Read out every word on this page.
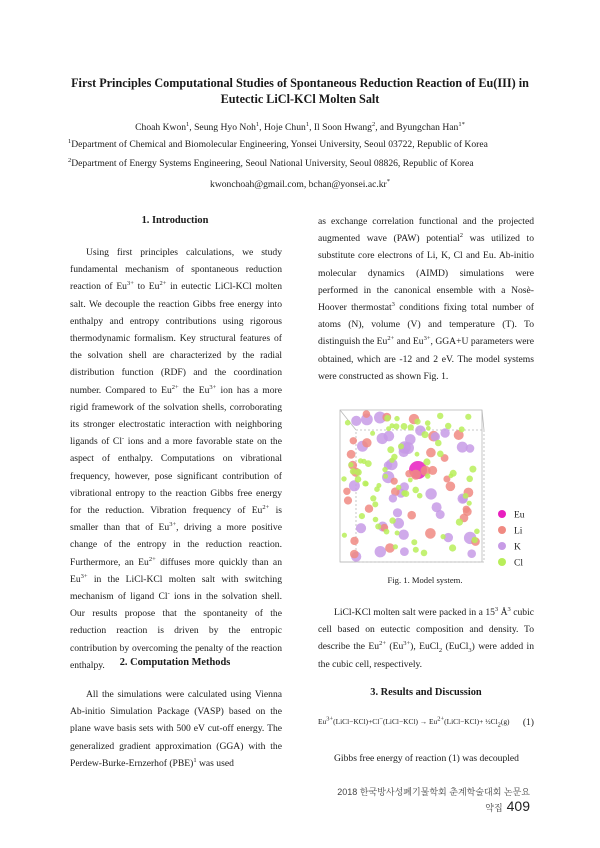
First Principles Computational Studies of Spontaneous Reduction Reaction of Eu(III) in
Eutectic LiCl-KCl Molten Salt
Choah Kwon$^1$, Seung Hyo Noh$^1$, Hoje Chun$^1$, Il Soon Hwang$^2$, and Byungchan Han$^{1*}$
$^1$Department of Chemical and Biomolecular Engineering, Yonsei University, Seoul 03722, Republic of Korea
$^2$Department of Energy Systems Engineering, Seoul National University, Seoul 08826, Republic of Korea
kwonchoah@gmail.com, bchan@yonsei.ac.kr*
1. Introduction
2. Computation Methods
3. Results and Discussion

Using first principles calculations, we study fundamental mechanism of spontaneous reduction reaction of $Eu^{3+}$ to $Eu^{2+}$ in eutectic LiCl-KCl molten salt. We decouple the reaction Gibbs free energy into enthalpy and entropy contributions using rigorous thermodynamic formalism. Key structural features of the solvation shell are characterized by the radial distribution function (RDF) and the coordination number. Compared to $Eu^{2+}$ the $Eu^{3+}$ ion has a more rigid framework of the solvation shells, corroborating its stronger electrostatic interaction with neighboring ligands of Cl- ions and a more favorable state on the aspect of enthalpy. Computations on vibrational frequency, however, pose significant contribution of vibrational entropy to the reaction Gibbs free energy for the reduction. Vibration frequency of $Eu^{2+}$ is smaller than that of $Eu^{3+}$, driving a more positive change of the entropy in the reduction reaction. Furthermore, an $Eu^{2+}$ diffuses more quickly than an $Eu^{3+}$ in the LiCl-KCl molten salt with switching mechanism of ligand Cl- ions in the solvation shell. Our results propose that the spontaneity of the reduction reaction is driven by the entropic contribution by overcoming the penalty of the reaction enthalpy.

All the simulations were calculated using Vienna Ab-initio Simulation Package (VASP) based on the plane wave basis sets with 500 eV cut-off energy. The generalized gradient approximation (GGA) with the Perdew-Burke-Ernzerhof (PBE)$^1$ was used

as exchange correlation functional and the projected augmented wave (PAW) potential$^2$ was utilized to substitute core electrons of Li, K, Cl and Eu. Ab-initio molecular dynamics (AIMD) simulations were performed in the canonical ensemble with a Nosè-Hoover thermostat$^3$ conditions fixing total number of atoms (N), volume (V) and temperature (T). To distinguish the $Eu^{2+}$ and $Eu^{3+}$, GGA+U parameters were obtained, which are -12 and 2 eV. The model systems were constructed as shown Fig. 1.

Eu
Li
K
Cl
Fig. 1. Model system.

LiCl-KCl molten salt were packed in a $15^3$ $Å^3$ cubic cell based on eutectic composition and density. To describe the $Eu^{2+}$ $(Eu^{3+})$, EuCl$_2$ (EuCl$_3$) were added in the cubic cell, respectively.

$Eu^{3+}(LiCl-KCl)+Cl^-(LiCl-KCl)$ → $Eu^{2+}(LiCl-KCl)+$ $\frac{1}{2}Cl_2(g)$ (1)

Gibbs free energy of reaction (1) was decoupled

2018 한국방사성폐기물학회 춘계학술대회 논문요약집 409
